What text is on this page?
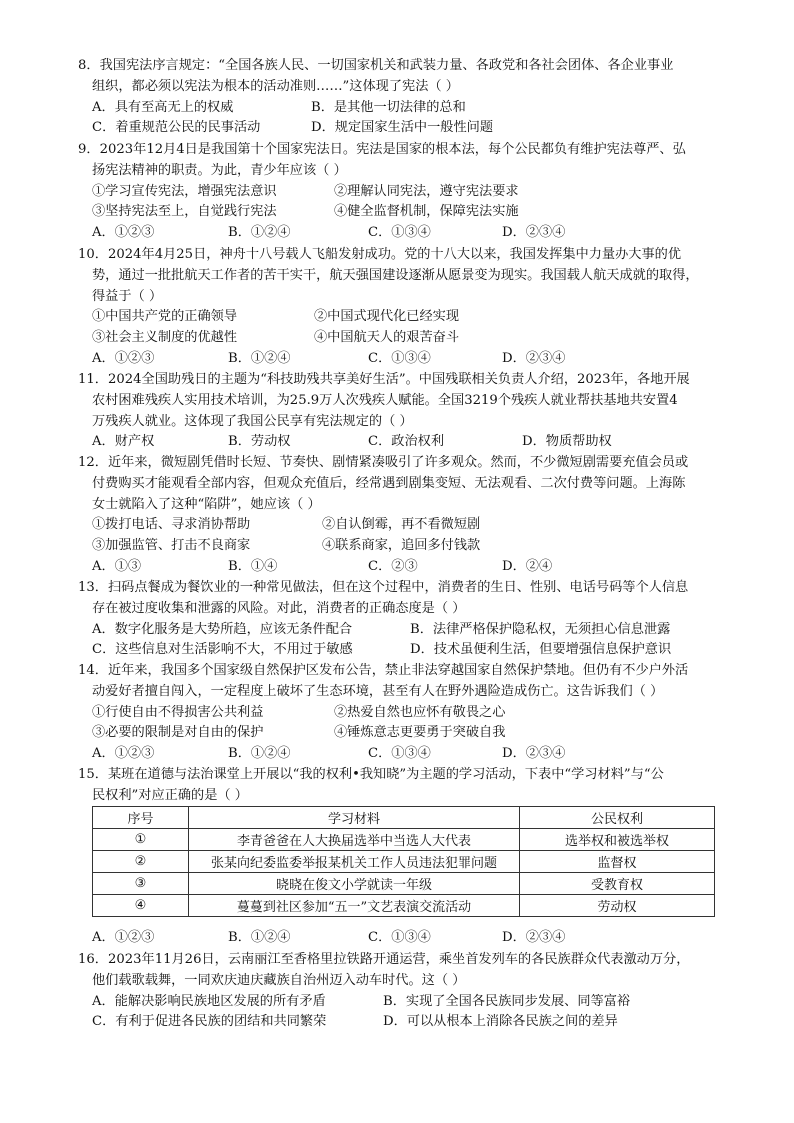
8．我国宪法序言规定：“全国各族人民、一切国家机关和武装力量、各政党和各社会团体、各企业事业
组织，都必须以宪法为根本的活动准则……”这体现了宪法（ ）
A．具有至高无上的权威	B．是其他一切法律的总和
C．着重规范公民的民事活动	D．规定国家生活中一般性问题
9．2023年12月4日是我国第十个国家宪法日。宪法是国家的根本法，每个公民都负有维护宪法尊严、弘
扬宪法精神的职责。为此，青少年应该（ ）
①学习宣传宪法，增强宪法意识	②理解认同宪法，遵守宪法要求
③坚持宪法至上，自觉践行宪法	④健全监督机制，保障宪法实施
A．①②③	B．①②④	C．①③④	D．②③④
10．2024年4月25日，神舟十八号载人飞船发射成功。党的十八大以来，我国发挥集中力量办大事的优
势，通过一批批航天工作者的苦干实干，航天强国建设逐渐从愿景变为现实。我国载人航天成就的取得，
得益于（ ）
①中国共产党的正确领导	②中国式现代化已经实现
③社会主义制度的优越性	④中国航天人的艰苦奋斗
A．①②③	B．①②④	C．①③④	D．②③④
11．2024全国助残日的主题为“科技助残共享美好生活”。中国残联相关负责人介绍，2023年，各地开展
农村困难残疾人实用技术培训，为25.9万人次残疾人赋能。全国3219个残疾人就业帮扶基地共安置4
万残疾人就业。这体现了我国公民享有宪法规定的（ ）
A．财产权	B．劳动权	C．政治权利	D．物质帮助权
12．近年来，微短剧凭借时长短、节奏快、剧情紧凑吸引了许多观众。然而，不少微短剧需要充值会员或
付费购买才能观看全部内容，但观众充值后，经常遇到剧集变短、无法观看、二次付费等问题。上海陈
女士就陷入了这种“陷阱”，她应该（ ）
①拨打电话、寻求消协帮助	②自认倒霉，再不看微短剧
③加强监管、打击不良商家	④联系商家，追回多付钱款
A．①③	B．①④	C．②③	D．②④
13．扫码点餐成为餐饮业的一种常见做法，但在这个过程中，消费者的生日、性别、电话号码等个人信息
存在被过度收集和泄露的风险。对此，消费者的正确态度是（ ）
A．数字化服务是大势所趋，应该无条件配合	B．法律严格保护隐私权，无须担心信息泄露
C．这些信息对生活影响不大，不用过于敏感	D．技术虽便利生活，但要增强信息保护意识
14．近年来，我国多个国家级自然保护区发布公告，禁止非法穿越国家自然保护禁地。但仍有不少户外活
动爱好者擅自闯入，一定程度上破坏了生态环境，甚至有人在野外遇险造成伤亡。这告诉我们（ ）
①行使自由不得损害公共利益	②热爱自然也应怀有敬畏之心
③必要的限制是对自由的保护	④锤炼意志更要勇于突破自我
A．①②③	B．①②④	C．①③④	D．②③④
15．某班在道德与法治课堂上开展以“我的权利•我知晓”为主题的学习活动，下表中“学习材料”与“公
民权利”对应正确的是（ ）
序号	学习材料	公民权利
①	李青爸爸在人大换届选举中当选人大代表	选举权和被选举权
②	张某向纪委监委举报某机关工作人员违法犯罪问题	监督权
③	晓晓在俊文小学就读一年级	受教育权
④	蔓蔓到社区参加“五一”文艺表演交流活动	劳动权
A．①②③	B．①②④	C．①③④	D．②③④
16．2023年11月26日，云南丽江至香格里拉铁路开通运营，乘坐首发列车的各民族群众代表激动万分，
他们载歌载舞，一同欢庆迪庆藏族自治州迈入动车时代。这（ ）
A．能解决影响民族地区发展的所有矛盾	B．实现了全国各民族同步发展、同等富裕
C．有利于促进各民族的团结和共同繁荣	D．可以从根本上消除各民族之间的差异
